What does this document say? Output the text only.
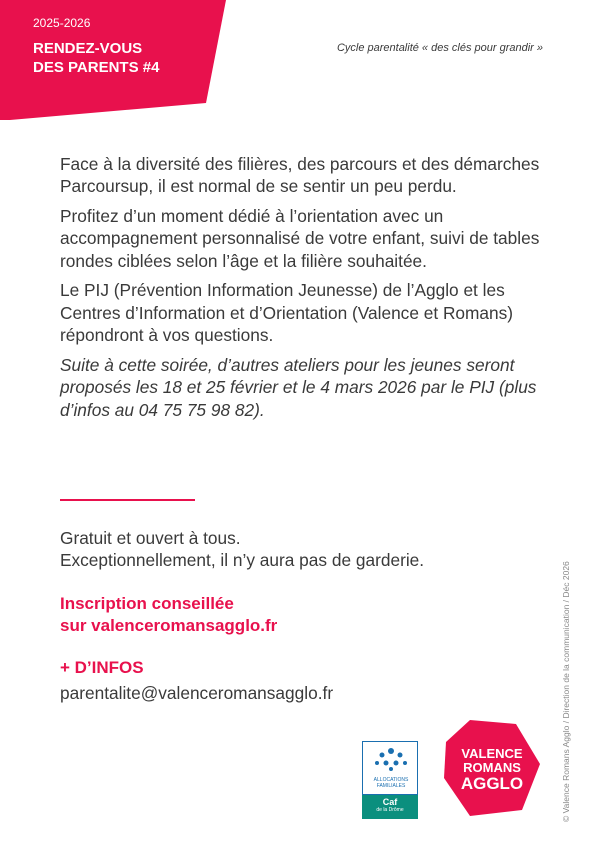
2025-2026
RENDEZ-VOUS
DES PARENTS #4
Cycle parentalité « des clés pour grandir »

Face à la diversité des filières, des parcours et des démarches Parcoursup, il est normal de se sentir un peu perdu.

Profitez d’un moment dédié à l’orientation avec un accompagnement personnalisé de votre enfant, suivi de tables rondes ciblées selon l’âge et la filière souhaitée.

Le PIJ (Prévention Information Jeunesse) de l’Agglo et les Centres d’Information et d’Orientation (Valence et Romans) répondront à vos questions.

Suite à cette soirée, d’autres ateliers pour les jeunes seront proposés les 18 et 25 février et le 4 mars 2026 par le PIJ (plus d’infos au 04 75 75 98 82).

Gratuit et ouvert à tous.
Exceptionnellement, il n’y aura pas de garderie.
Inscription conseillée
sur valenceromansagglo.fr
+ D’INFOS
parentalite@valenceromansagglo.fr	© Valence Romans Agglo / Direction de la communication / Déc 2026
ALLOCATIONS FAMILIALES
Caf
de la Drôme
VALENCE
ROMANS
AGGLO
